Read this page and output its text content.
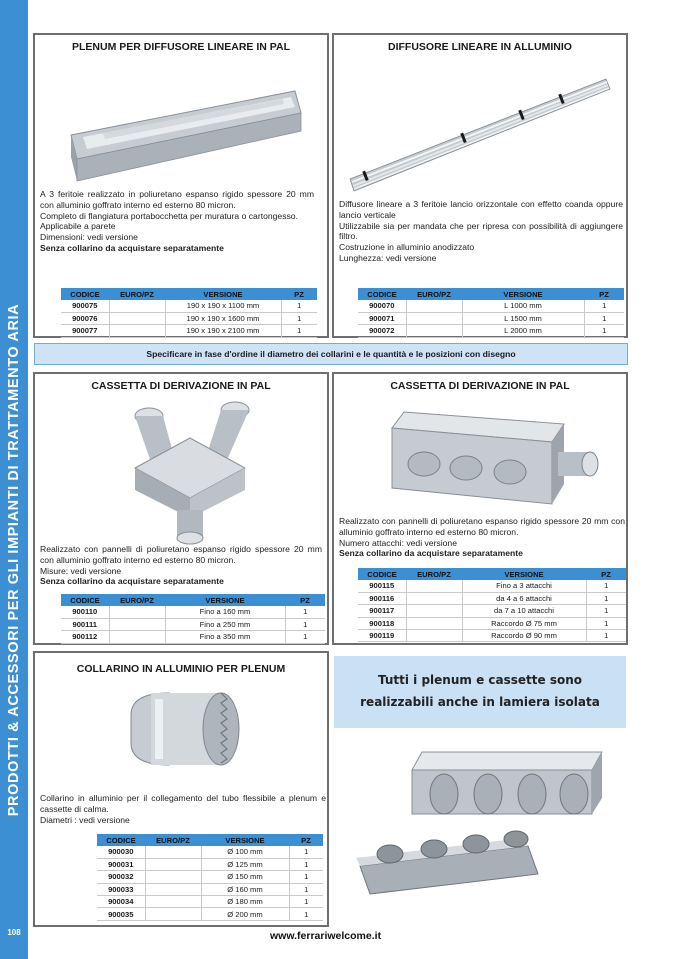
PRODOTTI & ACCESSORI PER GLI IMPIANTI DI TRATTAMENTO ARIA
108
PLENUM PER DIFFUSORE LINEARE IN PAL

A 3 feritoie realizzato in poliuretano espanso rigido spessore 20 mm con alluminio goffrato interno ed esterno 80 micron.

Completo di flangiatura portabocchetta per muratura o cartongesso.

Applicabile a parete

Dimensioni: vedi versione

Senza collarino da acquistare separatamente

CODICE	EURO/PZ	VERSIONE	PZ
900075		190 x 190 x 1100 mm	1
900076		190 x 190 x 1600 mm	1
900077		190 x 190 x 2100 mm	1
DIFFUSORE LINEARE IN ALLUMINIO

Diffusore lineare a 3 feritoie lancio orizzontale con effetto coanda oppure lancio verticale

Utilizzabile sia per mandata che per ripresa con possibilità di aggiungere filtro.

Costruzione in alluminio anodizzato

Lunghezza: vedi versione

CODICE	EURO/PZ	VERSIONE	PZ
900070		L 1000 mm	1
900071		L 1500 mm	1
900072		L 2000 mm	1
Specificare in fase d'ordine il diametro dei collarini e le quantità e le posizioni con disegno
CASSETTA DI DERIVAZIONE IN PAL

Realizzato con pannelli di poliuretano espanso rigido spessore 20 mm con alluminio goffrato interno ed esterno 80 micron.

Misure: vedi versione

Senza collarino da acquistare separatamente

CODICE	EURO/PZ	VERSIONE	PZ
900110		Fino a 160 mm	1
900111		Fino a 250 mm	1
900112		Fino a 350 mm	1
CASSETTA DI DERIVAZIONE IN PAL

Realizzato con pannelli di poliuretano espanso rigido spessore 20 mm con alluminio goffrato interno ed esterno 80 micron.

Numero attacchi: vedi versione

Senza collarino da acquistare separatamente

CODICE	EURO/PZ	VERSIONE	PZ
900115		Fino a 3 attacchi	1
900116		da 4 a 6 attacchi	1
900117		da 7 a 10 attacchi	1
900118		Raccordo Ø 75 mm	1
900119		Raccordo Ø 90 mm	1
COLLARINO IN ALLUMINIO PER PLENUM

Collarino in alluminio per il collegamento del tubo flessibile a plenum e cassette di calma.

Diametri : vedi versione

CODICE	EURO/PZ	VERSIONE	PZ
900030		Ø 100 mm	1
900031		Ø 125 mm	1
900032		Ø 150 mm	1
900033		Ø 160 mm	1
900034		Ø 180 mm	1
900035		Ø 200 mm	1
Tutti i plenum e cassette sono
realizzabili anche in lamiera isolata
www.ferrariwelcome.it
